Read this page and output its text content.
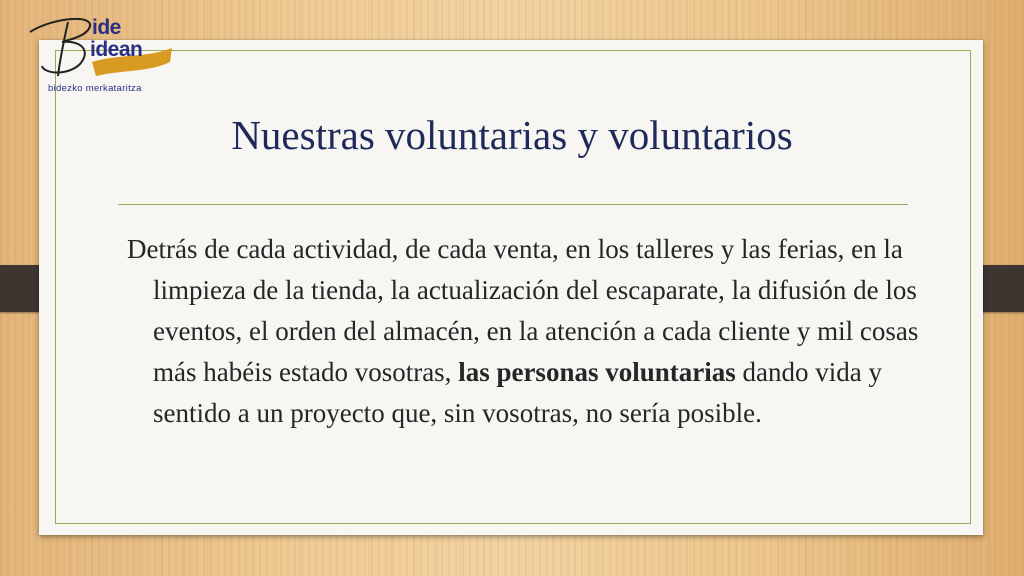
ide
idean
bidezko merkataritza
Nuestras voluntarias y voluntarios

Detrás de cada actividad, de cada venta, en los talleres y las ferias, en la limpieza de la tienda, la actualización del escaparate, la difusión de los eventos, el orden del almacén, en la atención a cada cliente y mil cosas más habéis estado vosotras, las personas voluntarias dando vida y sentido a un proyecto que, sin vosotras, no sería posible.
